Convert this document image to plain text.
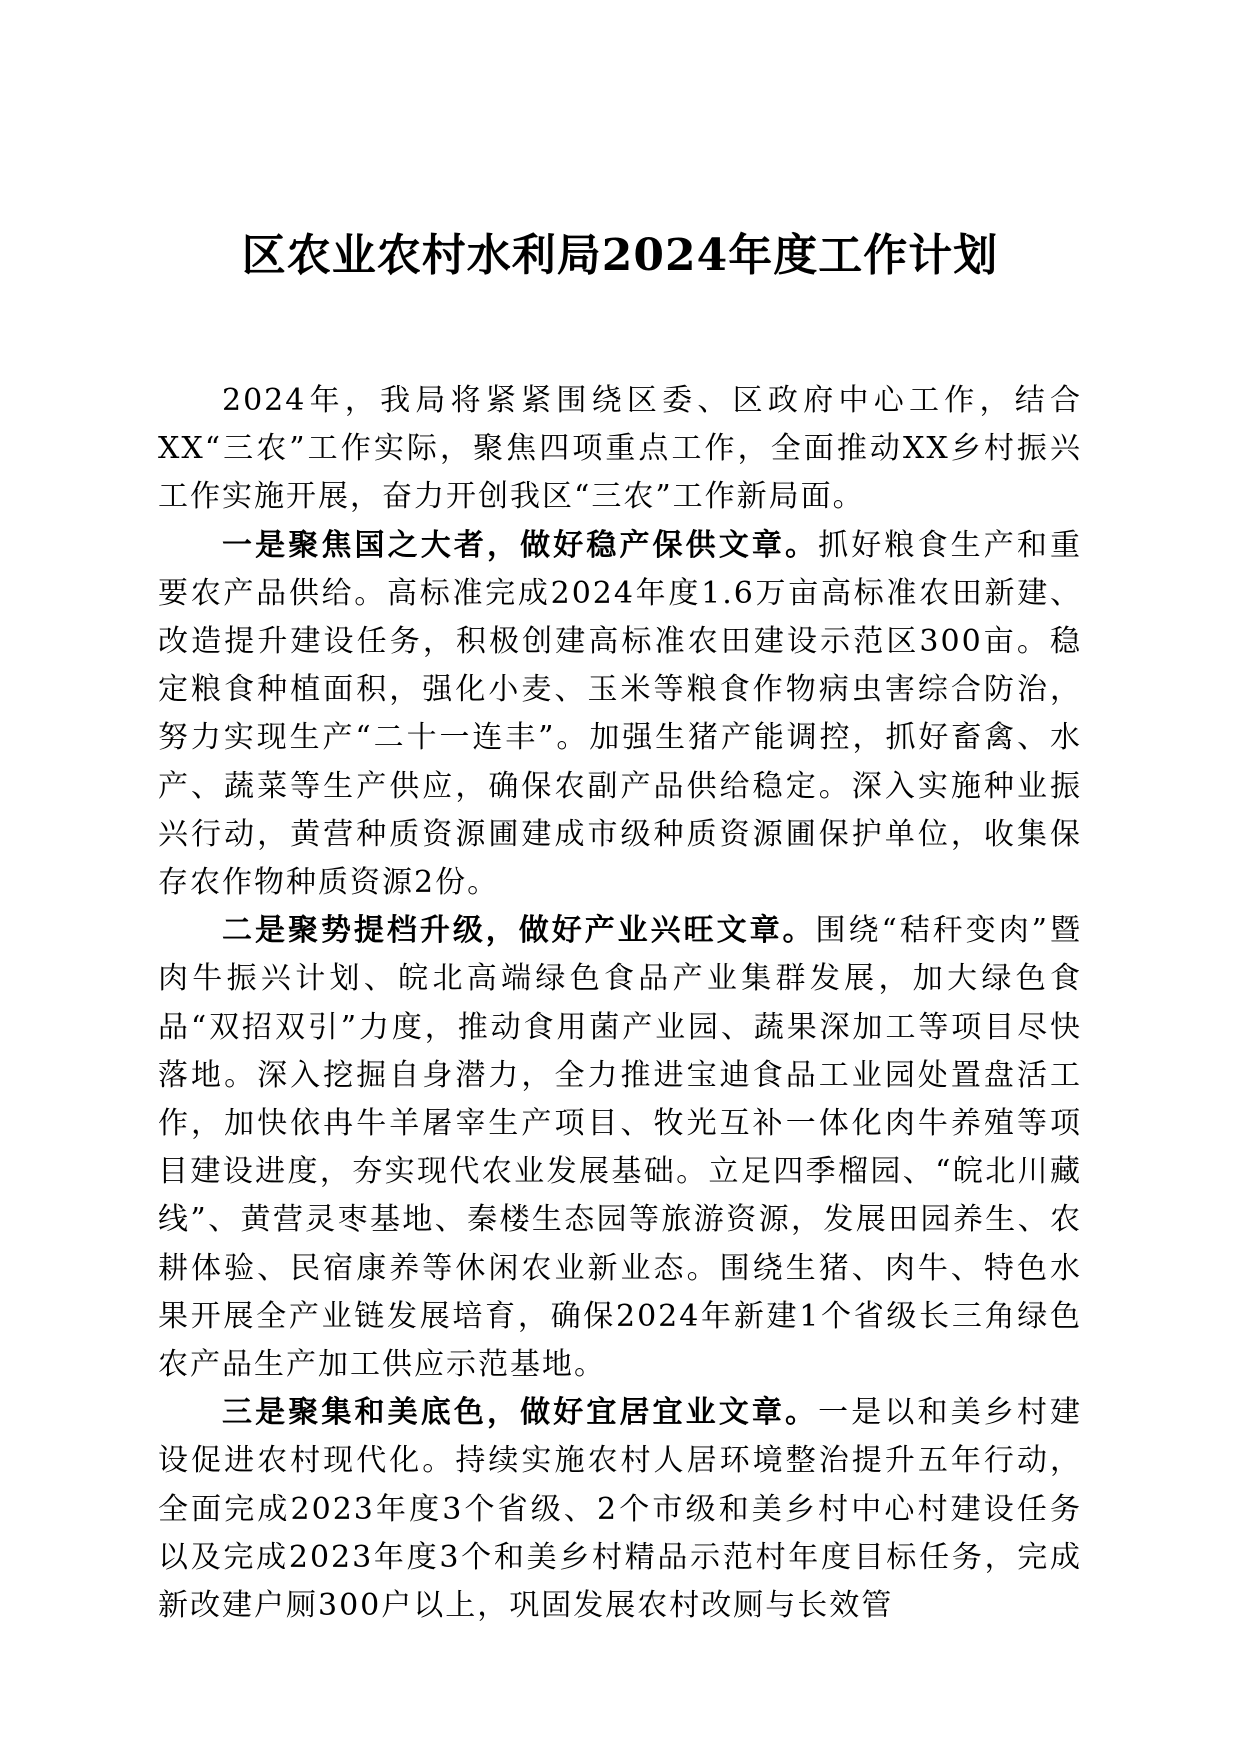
区农业农村水利局2024年度工作计划

2024年，我局将紧紧围绕区委、区政府中心工作，结合XX“三农”工作实际，聚焦四项重点工作，全面推动XX乡村振兴工作实施开展，奋力开创我区“三农”工作新局面。

一是聚焦国之大者，做好稳产保供文章。抓好粮食生产和重要农产品供给。高标准完成2024年度1.6万亩高标准农田新建、改造提升建设任务，积极创建高标准农田建设示范区300亩。稳定粮食种植面积，强化小麦、玉米等粮食作物病虫害综合防治，努力实现生产“二十一连丰”。加强生猪产能调控，抓好畜禽、水产、蔬菜等生产供应，确保农副产品供给稳定。深入实施种业振兴行动，黄营种质资源圃建成市级种质资源圃保护单位，收集保存农作物种质资源2份。

二是聚势提档升级，做好产业兴旺文章。围绕“秸秆变肉”暨肉牛振兴计划、皖北高端绿色食品产业集群发展，加大绿色食品“双招双引”力度，推动食用菌产业园、蔬果深加工等项目尽快落地。深入挖掘自身潜力，全力推进宝迪食品工业园处置盘活工作，加快依冉牛羊屠宰生产项目、牧光互补一体化肉牛养殖等项目建设进度，夯实现代农业发展基础。立足四季榴园、“皖北川藏线”、黄营灵枣基地、秦楼生态园等旅游资源，发展田园养生、农耕体验、民宿康养等休闲农业新业态。围绕生猪、肉牛、特色水果开展全产业链发展培育，确保2024年新建1个省级长三角绿色农产品生产加工供应示范基地。

三是聚集和美底色，做好宜居宜业文章。一是以和美乡村建设促进农村现代化。持续实施农村人居环境整治提升五年行动，全面完成2023年度3个省级、2个市级和美乡村中心村建设任务以及完成2023年度3个和美乡村精品示范村年度目标任务，完成新改建户厕300户以上，巩固发展农村改厕与长效管
